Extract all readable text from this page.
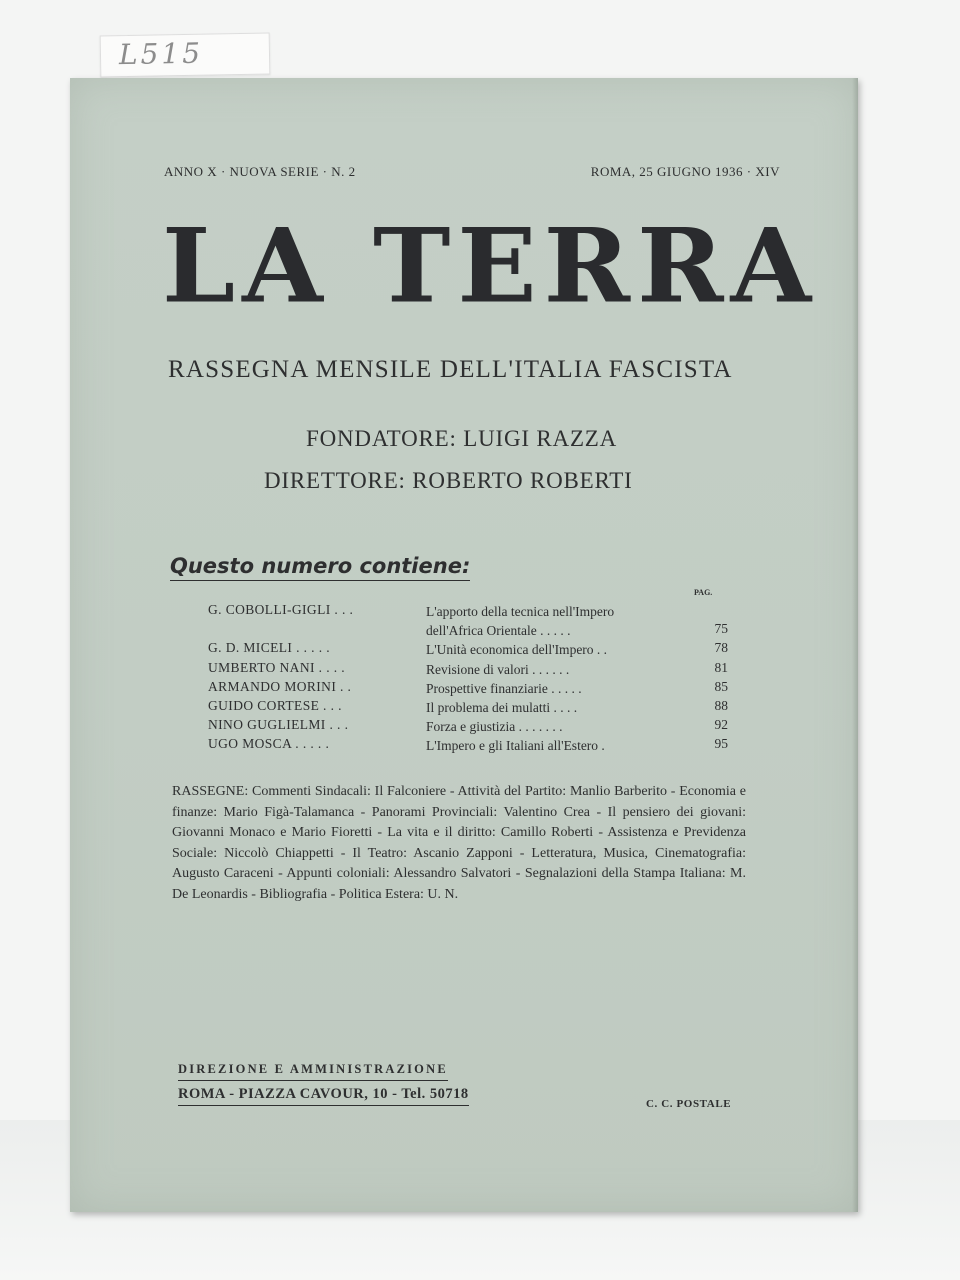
L515
ANNO X · NUOVA SERIE · N. 2	ROMA, 25 GIUGNO 1936 · XIV
LA TERRA
RASSEGNA MENSILE DELL'ITALIA FASCISTA
FONDATORE: LUIGI RAZZA
DIRETTORE: ROBERTO ROBERTI
Questo numero contiene:
PAG.
G. COBOLLI-GIGLI . . .	L'apporto della tecnica nell'Impero
dell'Africa Orientale . . . . .	75
G. D. MICELI . . . . .	L'Unità economica dell'Impero . .	78
UMBERTO NANI . . . .	Revisione di valori . . . . . .	81
ARMANDO MORINI . .	Prospettive finanziarie . . . . .	85
GUIDO CORTESE . . .	Il problema dei mulatti . . . .	88
NINO GUGLIELMI . . .	Forza e giustizia . . . . . . .	92
UGO MOSCA . . . . .	L'Impero e gli Italiani all'Estero .	95
RASSEGNE: Commenti Sindacali: Il Falconiere - Attività del Partito: Manlio Barberito - Economia e finanze: Mario Figà-Talamanca - Panorami Provinciali: Valentino Crea - Il pensiero dei giovani: Giovanni Monaco e Mario Fioretti - La vita e il diritto: Camillo Roberti - Assistenza e Previdenza Sociale: Niccolò Chiappetti - Il Teatro: Ascanio Zapponi - Letteratura, Musica, Cinematografia: Augusto Caraceni - Appunti coloniali: Alessandro Salvatori - Segnalazioni della Stampa Italiana: M. De Leonardis - Bibliografia - Politica Estera: U. N.
DIREZIONE E AMMINISTRAZIONE
ROMA - PIAZZA CAVOUR, 10 - Tel. 50718
C. C. POSTALE
